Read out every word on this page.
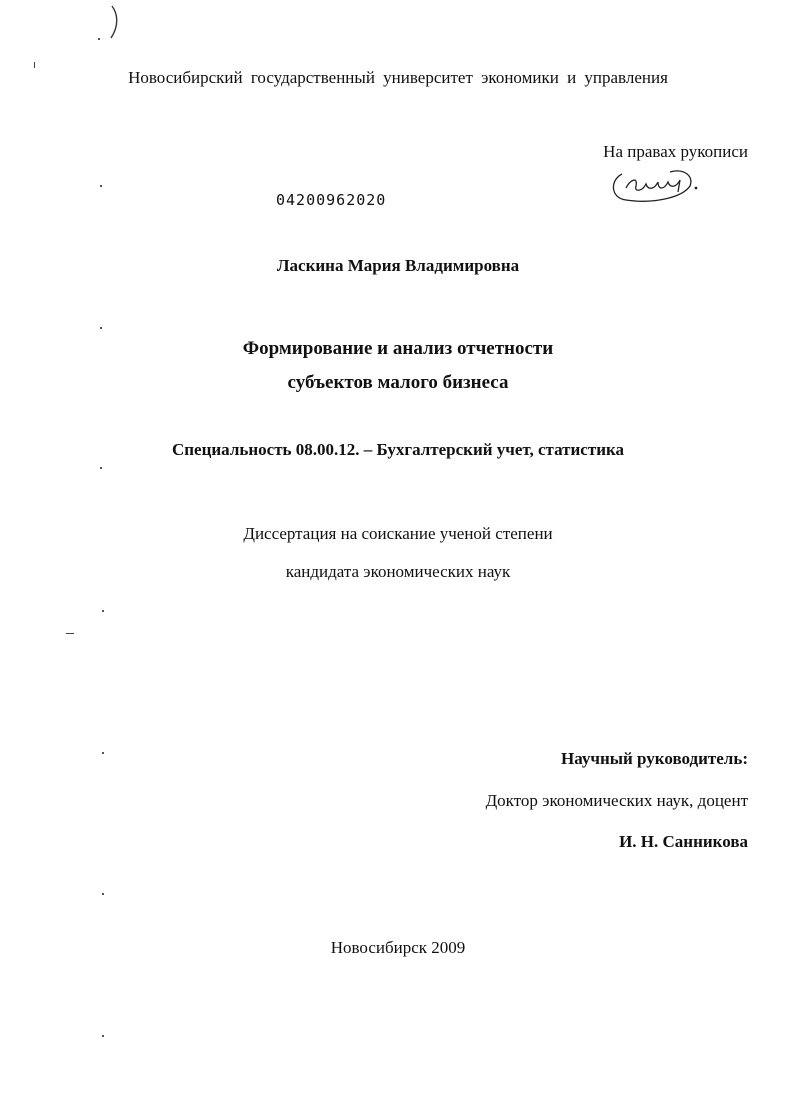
Новосибирский государственный университет экономики и управления
На правах рукописи
04200962020
Ласкина Мария Владимировна
Формирование и анализ отчетности
субъектов малого бизнеса
Специальность 08.00.12. – Бухгалтерский учет, статистика
Диссертация на соискание ученой степени
кандидата экономических наук
Научный руководитель:
Доктор экономических наук, доцент
И. Н. Санникова
Новосибирск 2009
